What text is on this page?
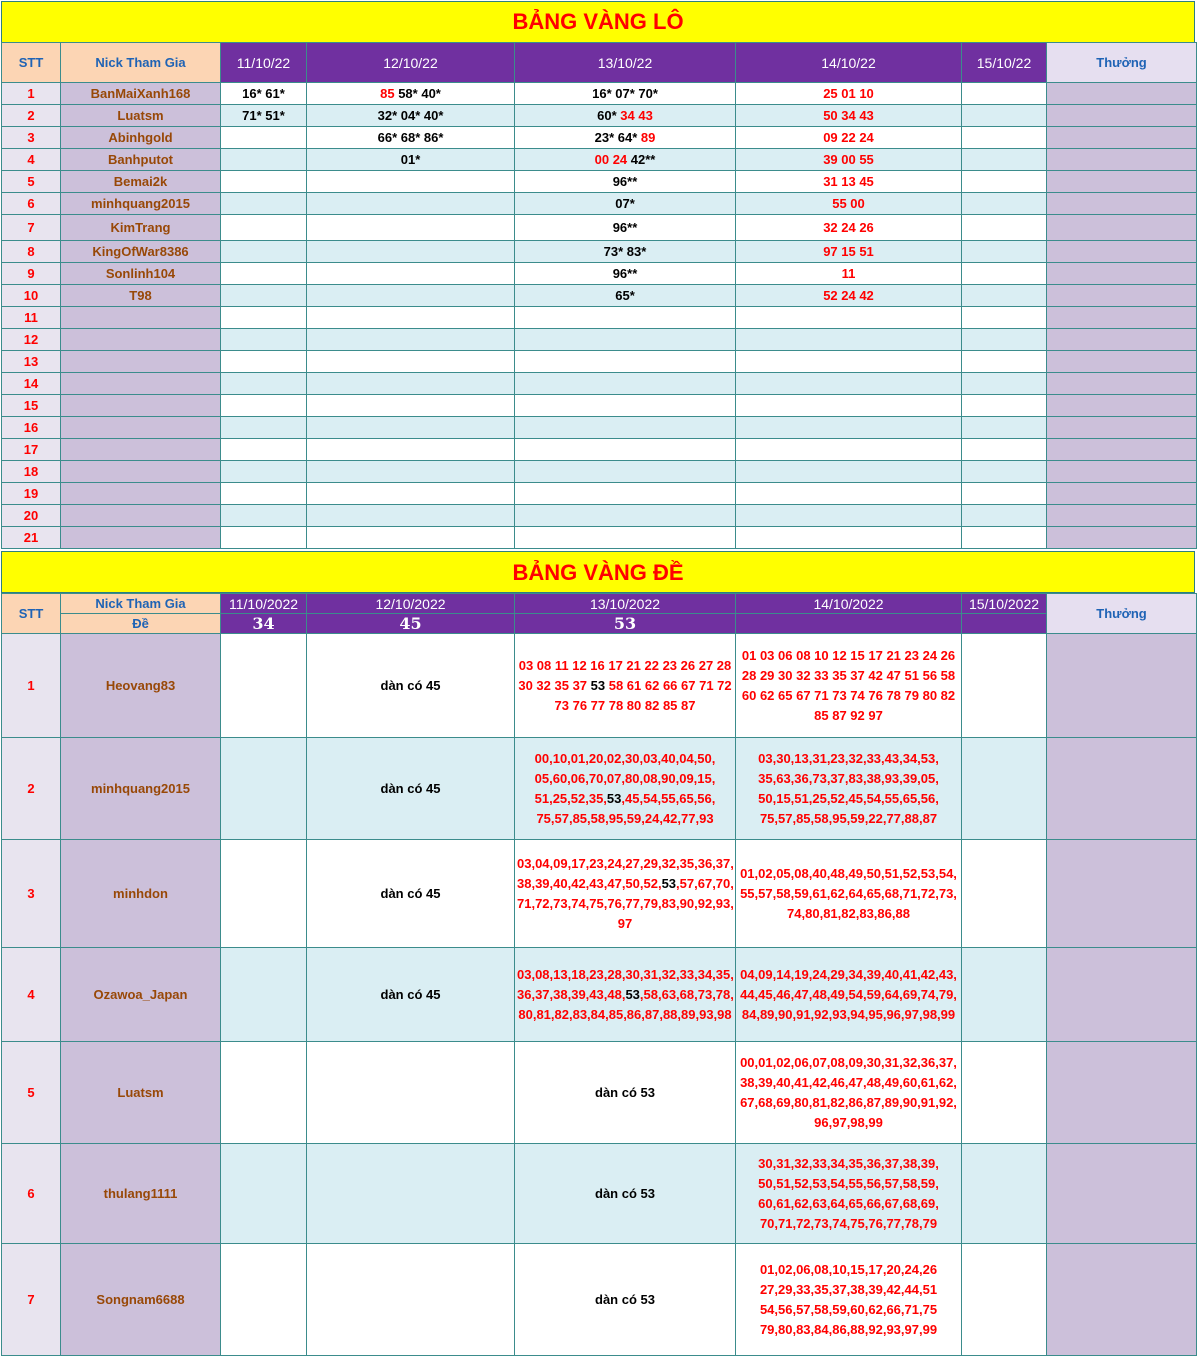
BẢNG VÀNG LÔ
STT	Nick Tham Gia	11/10/22	12/10/22	13/10/22	14/10/22	15/10/22	Thưởng
1	BanMaiXanh168	16* 61*	85 58* 40*	16* 07* 70*	25 01 10		
2	Luatsm	71* 51*	32* 04* 40*	60* 34 43	50 34 43		
3	Abinhgold		66* 68* 86*	23* 64* 89	09 22 24		
4	Banhputot		01*	00 24 42**	39 00 55		
5	Bemai2k			96**	31 13 45		
6	minhquang2015			07*	55 00		
7	KimTrang			96**	32 24 26		
8	KingOfWar8386			73* 83*	97 15 51		
9	Sonlinh104			96**	11		
10	T98			65*	52 24 42		
11							
12							
13							
14							
15							
16							
17							
18							
19							
20							
21							
BẢNG VÀNG ĐỀ
STT	Nick Tham Gia	11/10/2022	12/10/2022	13/10/2022	14/10/2022	15/10/2022	Thưởng
	Đề	34	45	53			
1	Heovang83		dàn có 45	03 08 11 12 16 17 21 22 23 26 27 28 30 32 35 37 53 58 61 62 66 67 71 72 73 76 77 78 80 82 85 87	01 03 06 08 10 12 15 17 21 23 24 26 28 29 30 32 33 35 37 42 47 51 56 58 60 62 65 67 71 73 74 76 78 79 80 82 85 87 92 97		
2	minhquang2015		dàn có 45	00,10,01,20,02,30,03,40,04,50, 05,60,06,70,07,80,08,90,09,15, 51,25,52,35,53,45,54,55,65,56, 75,57,85,58,95,59,24,42,77,93	03,30,13,31,23,32,33,43,34,53, 35,63,36,73,37,83,38,93,39,05, 50,15,51,25,52,45,54,55,65,56, 75,57,85,58,95,59,22,77,88,87		
3	minhdon		dàn có 45	03,04,09,17,23,24,27,29,32,35,36,37, 38,39,40,42,43,47,50,52,53,57,67,70, 71,72,73,74,75,76,77,79,83,90,92,93, 97	01,02,05,08,40,48,49,50,51,52,53,54, 55,57,58,59,61,62,64,65,68,71,72,73, 74,80,81,82,83,86,88		
4	Ozawoa_Japan		dàn có 45	03,08,13,18,23,28,30,31,32,33,34,35, 36,37,38,39,43,48,53,58,63,68,73,78, 80,81,82,83,84,85,86,87,88,89,93,98	04,09,14,19,24,29,34,39,40,41,42,43, 44,45,46,47,48,49,54,59,64,69,74,79, 84,89,90,91,92,93,94,95,96,97,98,99		
5	Luatsm			dàn có 53	00,01,02,06,07,08,09,30,31,32,36,37, 38,39,40,41,42,46,47,48,49,60,61,62, 67,68,69,80,81,82,86,87,89,90,91,92, 96,97,98,99		
6	thulang1111			dàn có 53	30,31,32,33,34,35,36,37,38,39, 50,51,52,53,54,55,56,57,58,59, 60,61,62,63,64,65,66,67,68,69, 70,71,72,73,74,75,76,77,78,79		
7	Songnam6688			dàn có 53	01,02,06,08,10,15,17,20,24,26 27,29,33,35,37,38,39,42,44,51 54,56,57,58,59,60,62,66,71,75 79,80,83,84,86,88,92,93,97,99		
